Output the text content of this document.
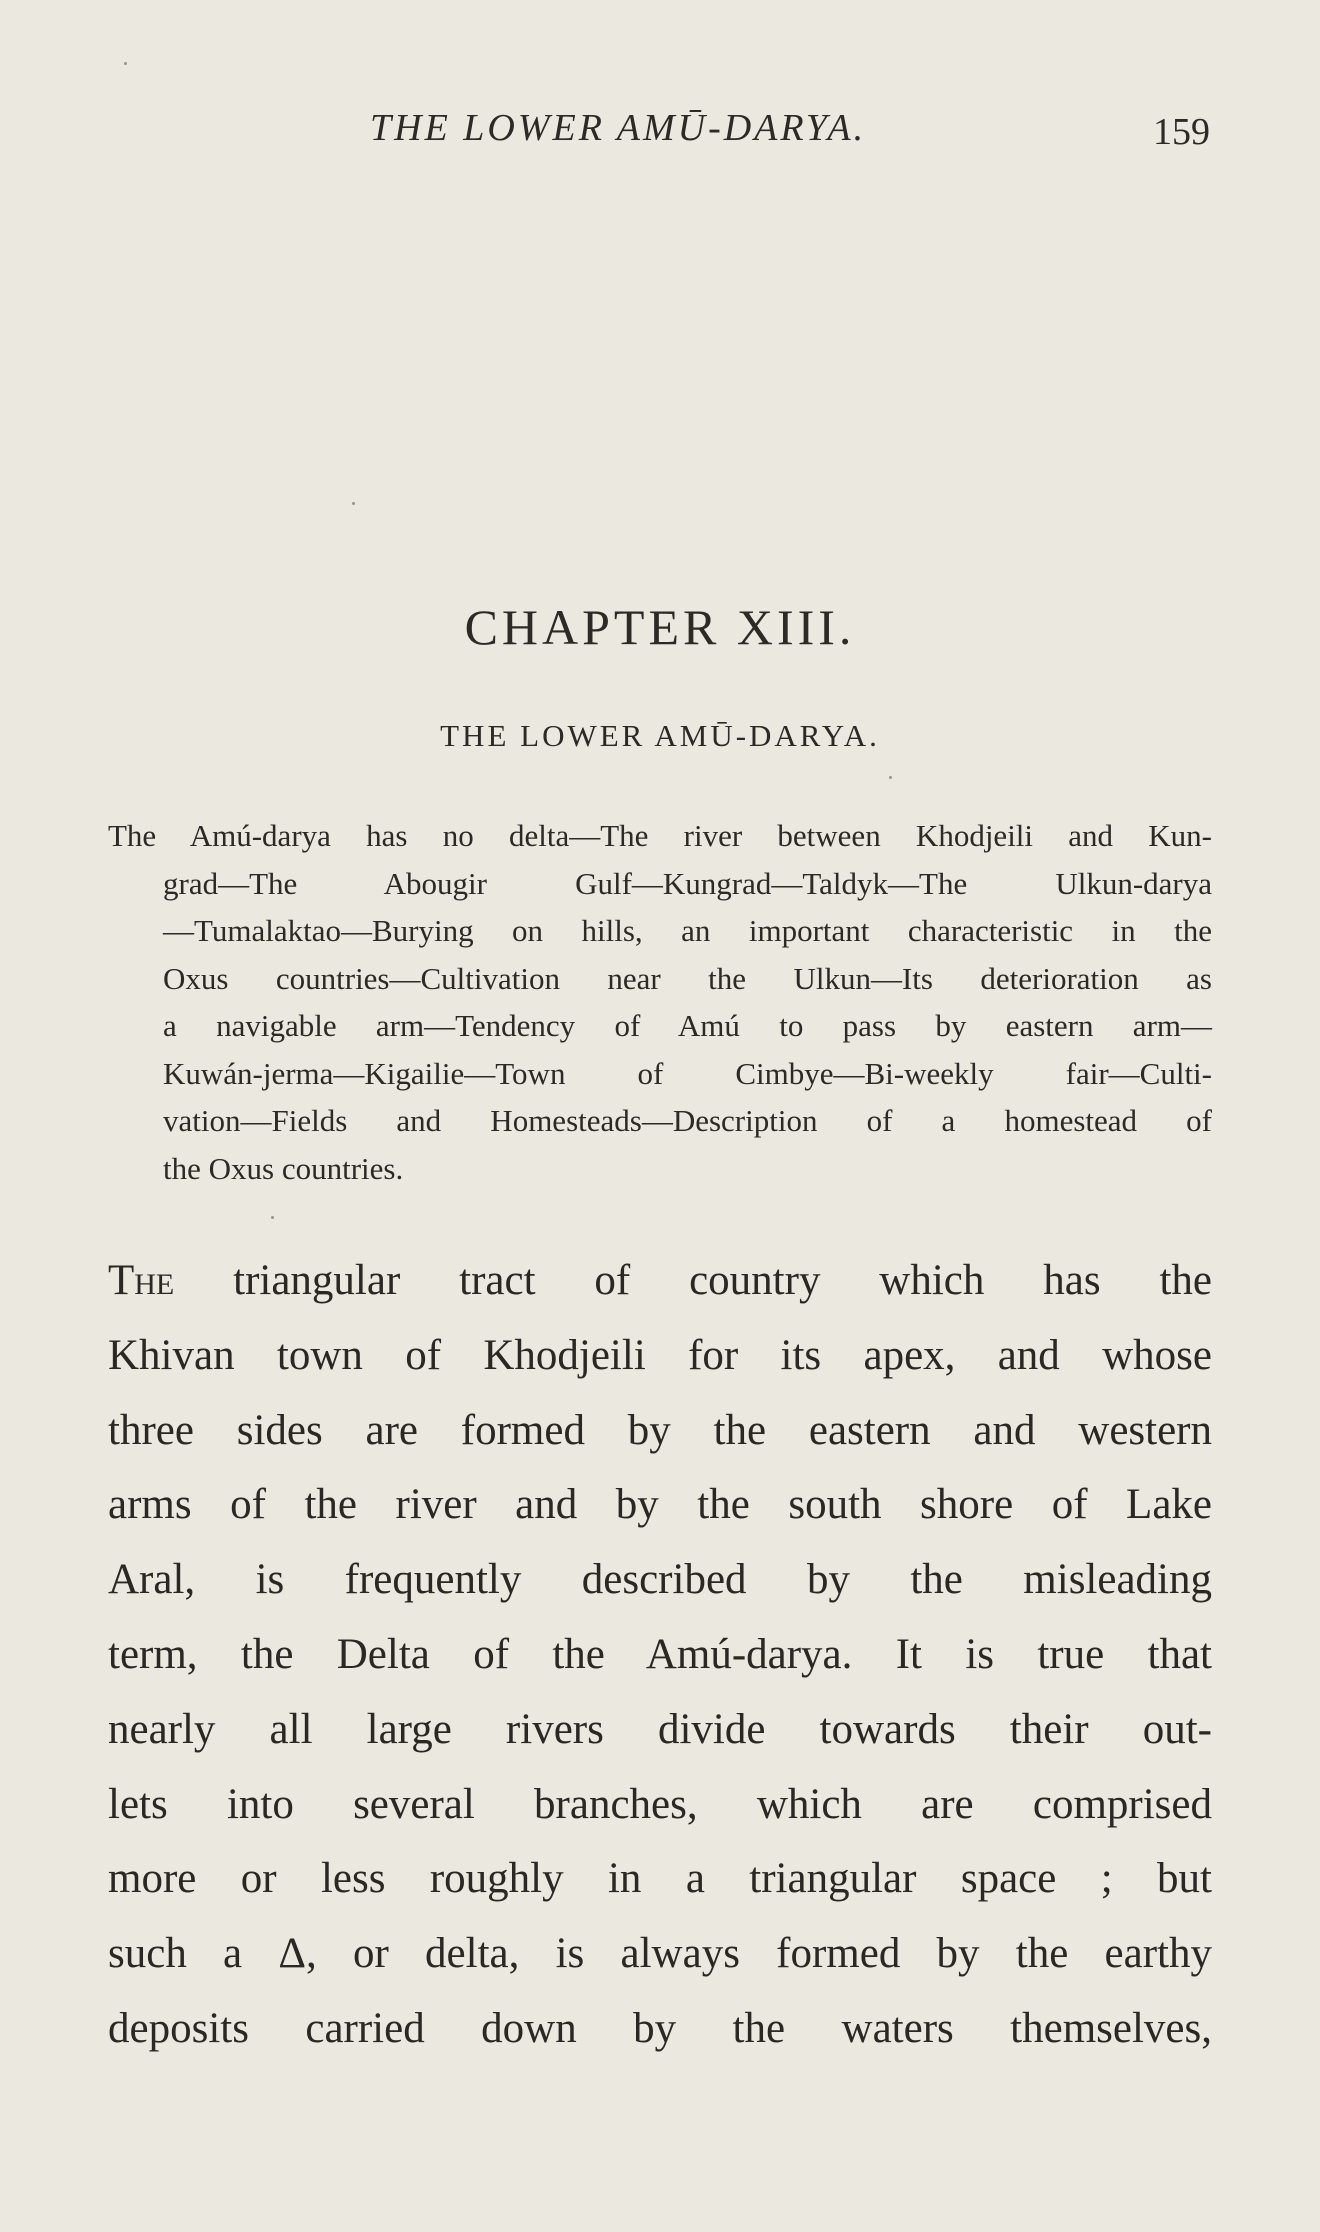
THE LOWER AMŪ-DARYA.	159
CHAPTER XIII.
THE LOWER AMŪ-DARYA.
The Amú-darya has no delta—The river between Khodjeili and Kun-
grad—The Abougir Gulf—Kungrad—Taldyk—The Ulkun-darya
—Tumalaktao—Burying on hills, an important characteristic in the
Oxus countries—Cultivation near the Ulkun—Its deterioration as
a navigable arm—Tendency of Amú to pass by eastern arm—
Kuwán-jerma—Kigailie—Town of Cimbye—Bi-weekly fair—Culti-
vation—Fields and Homesteads—Description of a homestead of
the Oxus countries.
The triangular tract of country which has the
Khivan town of Khodjeili for its apex, and whose
three sides are formed by the eastern and western
arms of the river and by the south shore of Lake
Aral, is frequently described by the misleading
term, the Delta of the Amú-darya. It is true that
nearly all large rivers divide towards their out-
lets into several branches, which are comprised
more or less roughly in a triangular space ; but
such a Δ, or delta, is always formed by the earthy
deposits carried down by the waters themselves,
